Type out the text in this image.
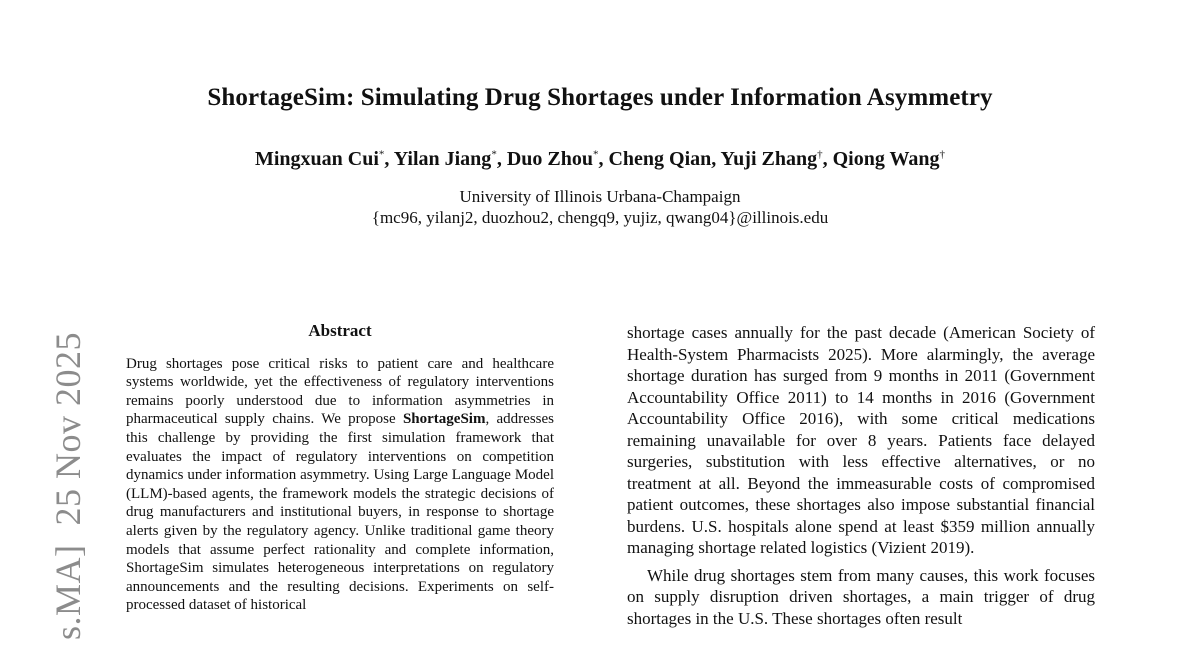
s.MA]  25 Nov 2025
ShortageSim: Simulating Drug Shortages under Information Asymmetry
Mingxuan Cui*, Yilan Jiang*, Duo Zhou*, Cheng Qian, Yuji Zhang†, Qiong Wang†
University of Illinois Urbana-Champaign
{mc96, yilanj2, duozhou2, chengq9, yujiz, qwang04}@illinois.edu
Abstract
Drug shortages pose critical risks to patient care and healthcare systems worldwide, yet the effectiveness of regulatory interventions remains poorly understood due to information asymmetries in pharmaceutical supply chains. We propose ShortageSim, addresses this challenge by providing the first simulation framework that evaluates the impact of regulatory interventions on competition dynamics under information asymmetry. Using Large Language Model (LLM)-based agents, the framework models the strategic decisions of drug manufacturers and institutional buyers, in response to shortage alerts given by the regulatory agency. Unlike traditional game theory models that assume perfect rationality and complete information, ShortageSim simulates heterogeneous interpretations on regulatory announcements and the resulting decisions. Experiments on self-processed dataset of historical

shortage cases annually for the past decade (American Society of Health-System Pharmacists 2025). More alarmingly, the average shortage duration has surged from 9 months in 2011 (Government Accountability Office 2011) to 14 months in 2016 (Government Accountability Office 2016), with some critical medications remaining unavailable for over 8 years. Patients face delayed surgeries, substitution with less effective alternatives, or no treatment at all. Beyond the immeasurable costs of compromised patient outcomes, these shortages also impose substantial financial burdens. U.S. hospitals alone spend at least $359 million annually managing shortage related logistics (Vizient 2019).

While drug shortages stem from many causes, this work focuses on supply disruption driven shortages, a main trigger of drug shortages in the U.S. These shortages often result
